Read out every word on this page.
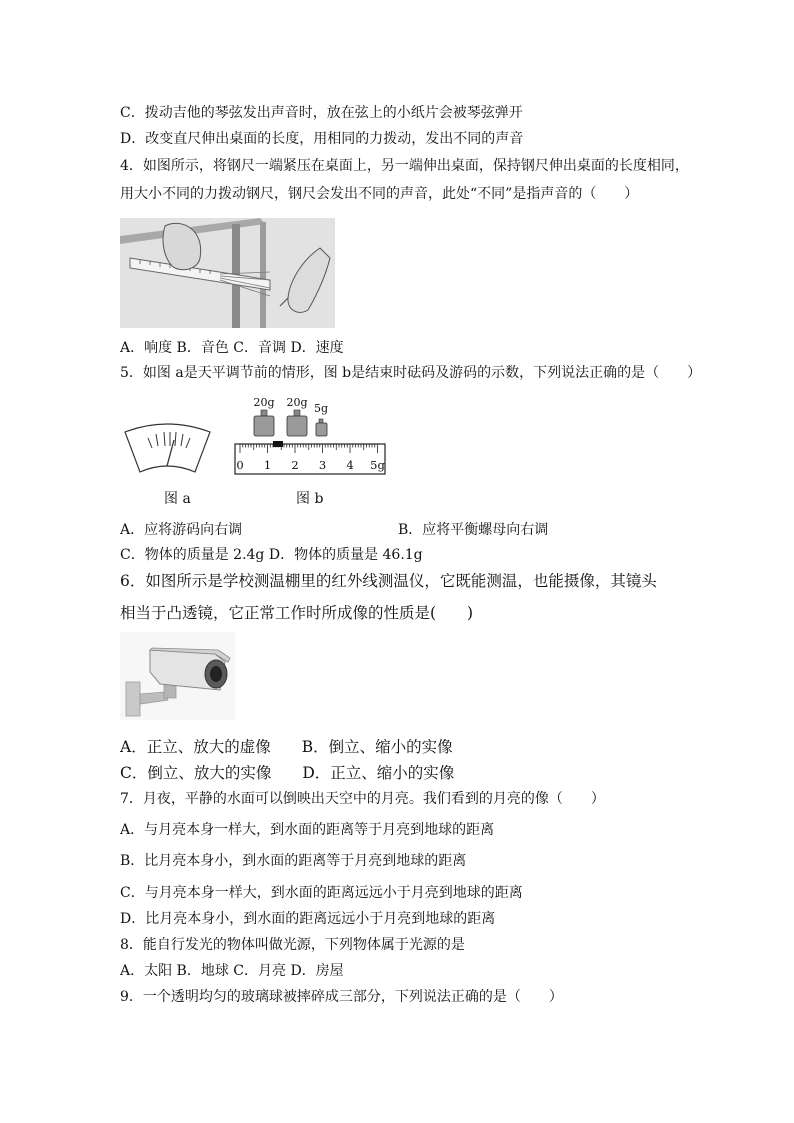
C．拨动吉他的琴弦发出声音时，放在弦上的小纸片会被琴弦弹开
D．改变直尺伸出桌面的长度，用相同的力拨动，发出不同的声音
4．如图所示，将钢尺一端紧压在桌面上，另一端伸出桌面，保持钢尺伸出桌面的长度相同，
用大小不同的力拨动钢尺，钢尺会发出不同的声音，此处“不同”是指声音的（　　）
A．响度 B．音色 C．音调 D．速度
5．如图 a是天平调节前的情形，图 b是结束时砝码及游码的示数，下列说法正确的是（　　）
图 a
20g 20g 5g
0 1 2 3 4 5g
图 b
A．应将游码向右调	B．应将平衡螺母向右调
C．物体的质量是 2.4g D．物体的质量是 46.1g
6．如图所示是学校测温棚里的红外线测温仪，它既能测温，也能摄像，其镜头
相当于凸透镜，它正常工作时所成像的性质是(　　)
A．正立、放大的虚像　　B．倒立、缩小的实像
C．倒立、放大的实像　　D．正立、缩小的实像
7．月夜，平静的水面可以倒映出天空中的月亮。我们看到的月亮的像（　　）
A．与月亮本身一样大，到水面的距离等于月亮到地球的距离
B．比月亮本身小，到水面的距离等于月亮到地球的距离
C．与月亮本身一样大，到水面的距离远远小于月亮到地球的距离
D．比月亮本身小，到水面的距离远远小于月亮到地球的距离
8．能自行发光的物体叫做光源，下列物体属于光源的是
A．太阳 B．地球 C．月亮 D．房屋
9．一个透明均匀的玻璃球被摔碎成三部分，下列说法正确的是（　　）
